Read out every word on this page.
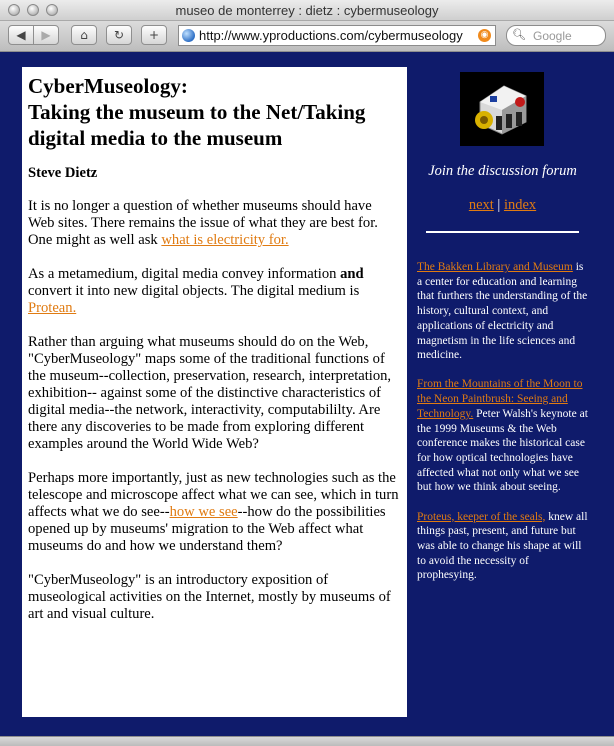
museo de monterrey : dietz : cybermuseology
◀ ▶ ⌂ ↻ +	http://www.yproductions.com/cybermuseology ◉ 🔍︎ Google
CyberMuseology:
Taking the museum to the Net/Taking digital media to the museum
Steve Dietz

It is no longer a question of whether museums should have Web sites. There remains the issue of what they are best for. One might as well ask what is electricity for.

As a metamedium, digital media convey information and convert it into new digital objects. The digital medium is Protean.

Rather than arguing what museums should do on the Web, "CyberMuseology" maps some of the traditional functions of the museum--collection, preservation, research, interpretation, exhibition-- against some of the distinctive characteristics of digital media--the network, interactivity, computabililty. Are there any discoveries to be made from exploring different examples around the World Wide Web?

Perhaps more importantly, just as new technologies such as the telescope and microscope affect what we can see, which in turn affects what we do see--how we see--how do the possibilities opened up by museums' migration to the Web affect what museums do and how we understand them?

"CyberMuseology" is an introductory exposition of museological activities on the Internet, mostly by museums of art and visual culture.

Join the discussion forum
next | index

The Bakken Library and Museum is a center for education and learning that furthers the understanding of the history, cultural context, and applications of electricity and magnetism in the life sciences and medicine.

From the Mountains of the Moon to the Neon Paintbrush: Seeing and Technology. Peter Walsh's keynote at the 1999 Museums & the Web conference makes the historical case for how optical technologies have affected what not only what we see but how we think about seeing.

Proteus, keeper of the seals, knew all things past, present, and future but was able to change his shape at will to avoid the necessity of prophesying.
